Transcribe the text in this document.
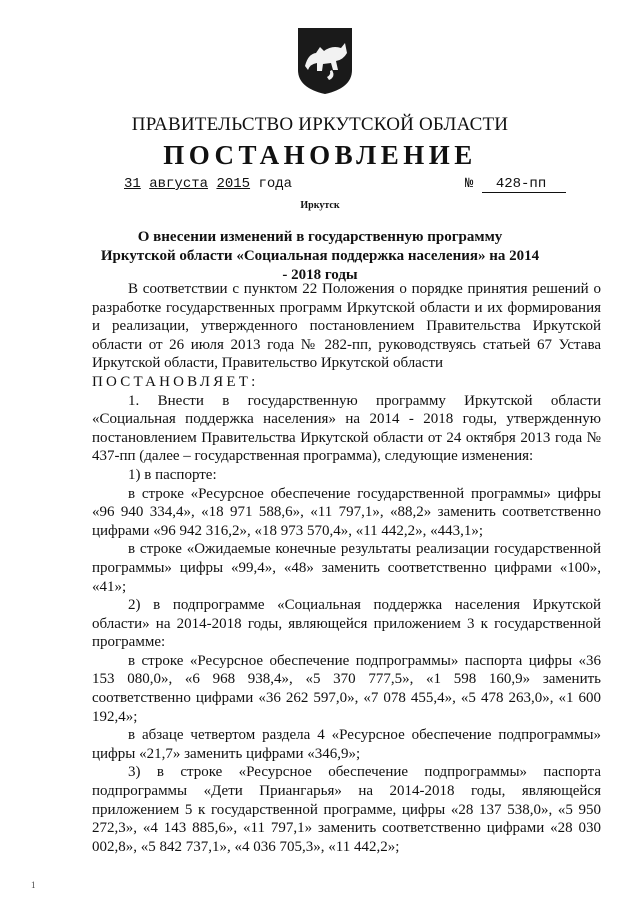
ПРАВИТЕЛЬСТВО ИРКУТСКОЙ ОБЛАСТИ
ПОСТАНОВЛЕНИЕ
31 августа 2015 года	№ 428-пп
Иркутск
О внесении изменений в государственную программу Иркутской области «Социальная поддержка населения» на 2014 - 2018 годы

В соответствии с пунктом 22 Положения о порядке принятия решений о разработке государственных программ Иркутской области и их формирования и реализации, утвержденного постановлением Правительства Иркутской области от 26 июля 2013 года № 282-пп, руководствуясь статьей 67 Устава Иркутской области, Правительство Иркутской области

ПОСТАНОВЛЯЕТ:

1. Внести в государственную программу Иркутской области «Социальная поддержка населения» на 2014 - 2018 годы, утвержденную постановлением Правительства Иркутской области от 24 октября 2013 года № 437-пп (далее – государственная программа), следующие изменения:

1) в паспорте:

в строке «Ресурсное обеспечение государственной программы» цифры «96 940 334,4», «18 971 588,6», «11 797,1», «88,2» заменить соответственно цифрами «96 942 316,2», «18 973 570,4», «11 442,2», «443,1»;

в строке «Ожидаемые конечные результаты реализации государственной программы» цифры «99,4», «48» заменить соответственно цифрами «100», «41»;

2) в подпрограмме «Социальная поддержка населения Иркутской области» на 2014-2018 годы, являющейся приложением 3 к государственной программе:

в строке «Ресурсное обеспечение подпрограммы» паспорта цифры «36 153 080,0», «6 968 938,4», «5 370 777,5», «1 598 160,9» заменить соответственно цифрами «36 262 597,0», «7 078 455,4», «5 478 263,0», «1 600 192,4»;

в абзаце четвертом раздела 4 «Ресурсное обеспечение подпрограммы» цифры «21,7» заменить цифрами «346,9»;

3) в строке «Ресурсное обеспечение подпрограммы» паспорта подпрограммы «Дети Приангарья» на 2014-2018 годы, являющейся приложением 5 к государственной программе, цифры «28 137 538,0», «5 950 272,3», «4 143 885,6», «11 797,1» заменить соответственно цифрами «28 030 002,8», «5 842 737,1», «4 036 705,3», «11 442,2»;

1
